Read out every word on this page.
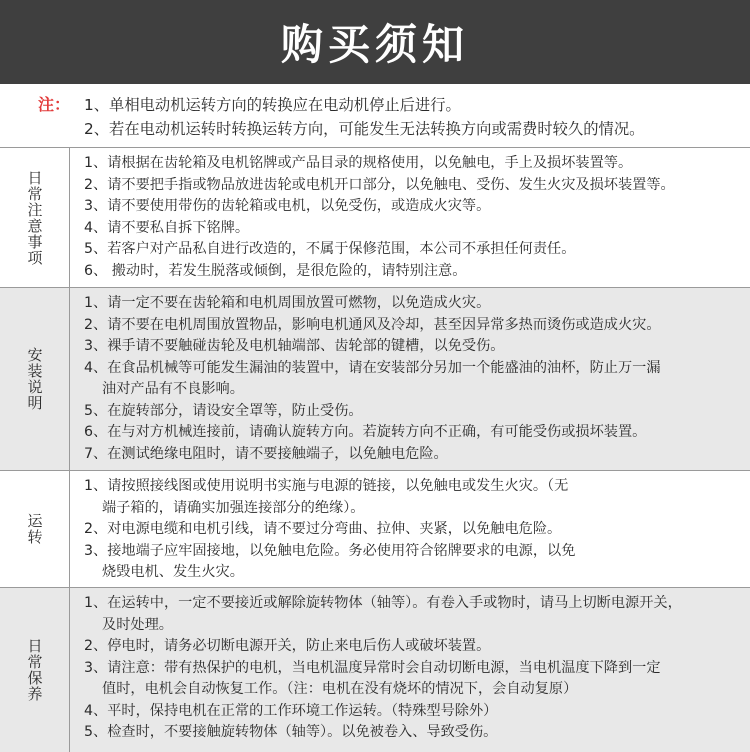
购买须知
注： 1、单相电动机运转方向的转换应在电动机停止后进行。
2、若在电动机运转时转换运转方向，可能发生无法转换方向或需费时较久的情况。
日常注意事项
1、请根据在齿轮箱及电机铭牌或产品目录的规格使用，以免触电，手上及损坏装置等。
2、请不要把手指或物品放进齿轮或电机开口部分，以免触电、受伤、发生火灾及损坏装置等。
3、请不要使用带伤的齿轮箱或电机，以免受伤，或造成火灾等。
4、请不要私自拆下铭牌。
5、若客户对产品私自进行改造的，不属于保修范围，本公司不承担任何责任。
6、 搬动时，若发生脱落或倾倒，是很危险的，请特别注意。
安装说明
1、请一定不要在齿轮箱和电机周围放置可燃物，以免造成火灾。
2、请不要在电机周围放置物品，影响电机通风及冷却，甚至因异常多热而烫伤或造成火灾。
3、裸手请不要触碰齿轮及电机轴端部、齿轮部的键槽，以免受伤。
4、在食品机械等可能发生漏油的装置中，请在安装部分另加一个能盛油的油杯，防止万一漏
油对产品有不良影响。
5、在旋转部分，请设安全罩等，防止受伤。
6、在与对方机械连接前，请确认旋转方向。若旋转方向不正确，有可能受伤或损坏装置。
7、在测试绝缘电阻时，请不要接触端子，以免触电危险。
运转
1、请按照接线图或使用说明书实施与电源的链接，以免触电或发生火灾。（无
端子箱的，请确实加强连接部分的绝缘）。
2、对电源电缆和电机引线，请不要过分弯曲、拉伸、夹紧，以免触电危险。
3、接地端子应牢固接地，以免触电危险。务必使用符合铭牌要求的电源，以免
烧毁电机、发生火灾。
日常保养
1、在运转中，一定不要接近或解除旋转物体（轴等）。有卷入手或物时，请马上切断电源开关，
及时处理。
2、停电时，请务必切断电源开关，防止来电后伤人或破坏装置。
3、请注意：带有热保护的电机，当电机温度异常时会自动切断电源，当电机温度下降到一定
值时，电机会自动恢复工作。（注：电机在没有烧坏的情况下，会自动复原）
4、平时，保持电机在正常的工作环境工作运转。（特殊型号除外）
5、检查时，不要接触旋转物体（轴等）。以免被卷入、导致受伤。
